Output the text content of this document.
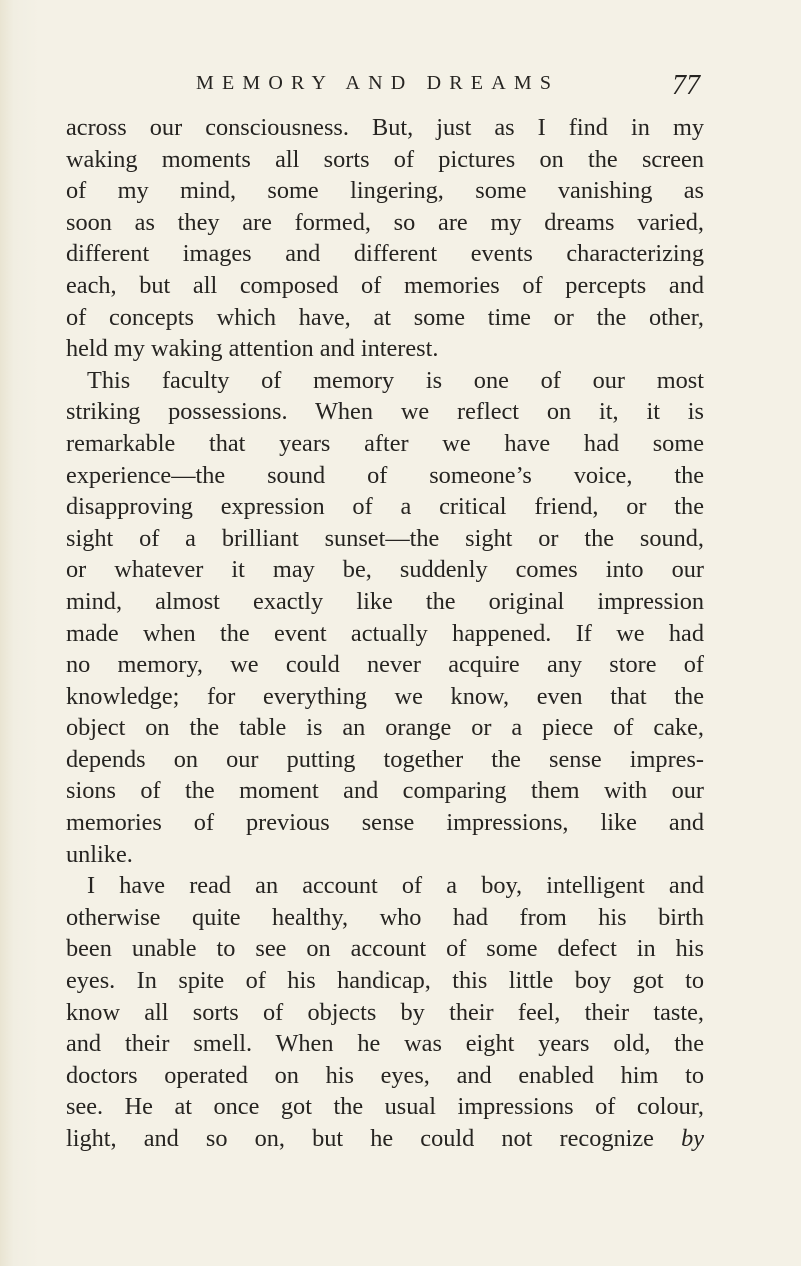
MEMORY AND DREAMS	77
across our consciousness. But, just as I find in my
waking moments all sorts of pictures on the screen
of my mind, some lingering, some vanishing as
soon as they are formed, so are my dreams varied,
different images and different events characterizing
each, but all composed of memories of percepts and
of concepts which have, at some time or the other,
held my waking attention and interest.
This faculty of memory is one of our most
striking possessions. When we reflect on it, it is
remarkable that years after we have had some
experience—the sound of someone’s voice, the
disapproving expression of a critical friend, or the
sight of a brilliant sunset—the sight or the sound,
or whatever it may be, suddenly comes into our
mind, almost exactly like the original impression
made when the event actually happened. If we had
no memory, we could never acquire any store of
knowledge; for everything we know, even that the
object on the table is an orange or a piece of cake,
depends on our putting together the sense impres-
sions of the moment and comparing them with our
memories of previous sense impressions, like and
unlike.
I have read an account of a boy, intelligent and
otherwise quite healthy, who had from his birth
been unable to see on account of some defect in his
eyes. In spite of his handicap, this little boy got to
know all sorts of objects by their feel, their taste,
and their smell. When he was eight years old, the
doctors operated on his eyes, and enabled him to
see. He at once got the usual impressions of colour,
light, and so on, but he could not recognize by
